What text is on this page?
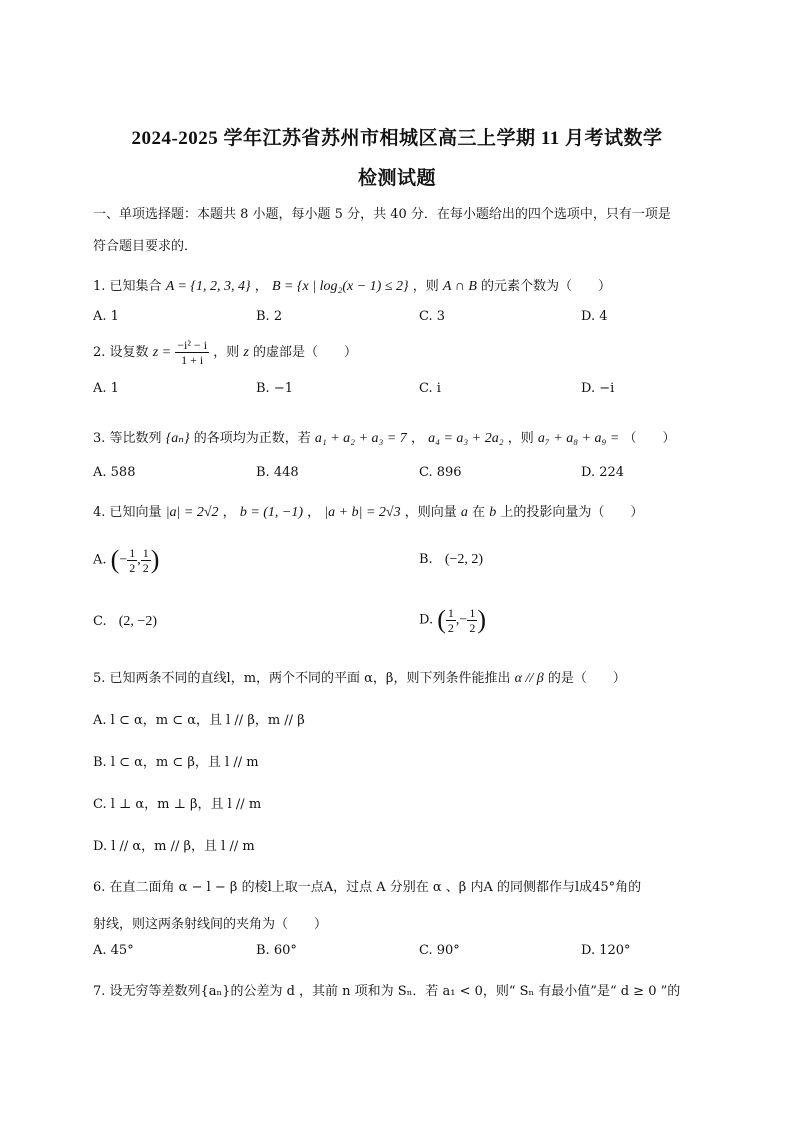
2024-2025 学年江苏省苏州市相城区高三上学期 11 月考试数学
检测试题
一、单项选择题：本题共 8 小题，每小题 5 分，共 40 分．在每小题给出的四个选项中，只有一项是
符合题目要求的．
1. 已知集合 A = {1, 2, 3, 4} ， B = {x | log₂(x − 1) ≤ 2} ，则 A ∩ B 的元素个数为（　　）
A. 1	B. 2	C. 3	D. 4
2. 设复数 $z = \frac{\text{−i² − i}}{1 + i}$ ，则 z 的虚部是（　　）
A. 1	B. −1	C. i	D. −i
3. 等比数列 {aₙ} 的各项均为正数，若 a₁ + a₂ + a₃ = 7 ， a₄ = a₃ + 2a₂ ，则 a₇ + a₈ + a₉ = （　　）
A. 588	B. 448	C. 896	D. 224
4. 已知向量 |a| = 2√2 ， b = (1, −1) ， |a + b| = 2√3 ，则向量 a 在 b 上的投影向量为（　　）
A. (− $\frac{1}{2}$ , $\frac{1}{2}$ )	B. (−2, 2)
C. (2, −2)	D. ( $\frac{1}{2}$ ,− $\frac{1}{2}$ )
5. 已知两条不同的直线l，m，两个不同的平面 α，β，则下列条件能推出 α // β 的是（　　）
A. l ⊂ α，m ⊂ α，且 l // β，m // β
B. l ⊂ α，m ⊂ β，且 l // m
C. l ⊥ α，m ⊥ β，且 l // m
D. l // α，m // β，且 l // m
6. 在直二面角 α − l − β 的棱l上取一点A，过点 A 分别在 α 、β 内A 的同侧都作与l成45°角的
射线，则这两条射线间的夹角为（　　）
A. 45°	B. 60°	C. 90°	D. 120°
7. 设无穷等差数列{aₙ}的公差为 d ，其前 n 项和为 Sₙ．若 a₁ < 0，则“ Sₙ 有最小值”是“ d ≥ 0 ”的
